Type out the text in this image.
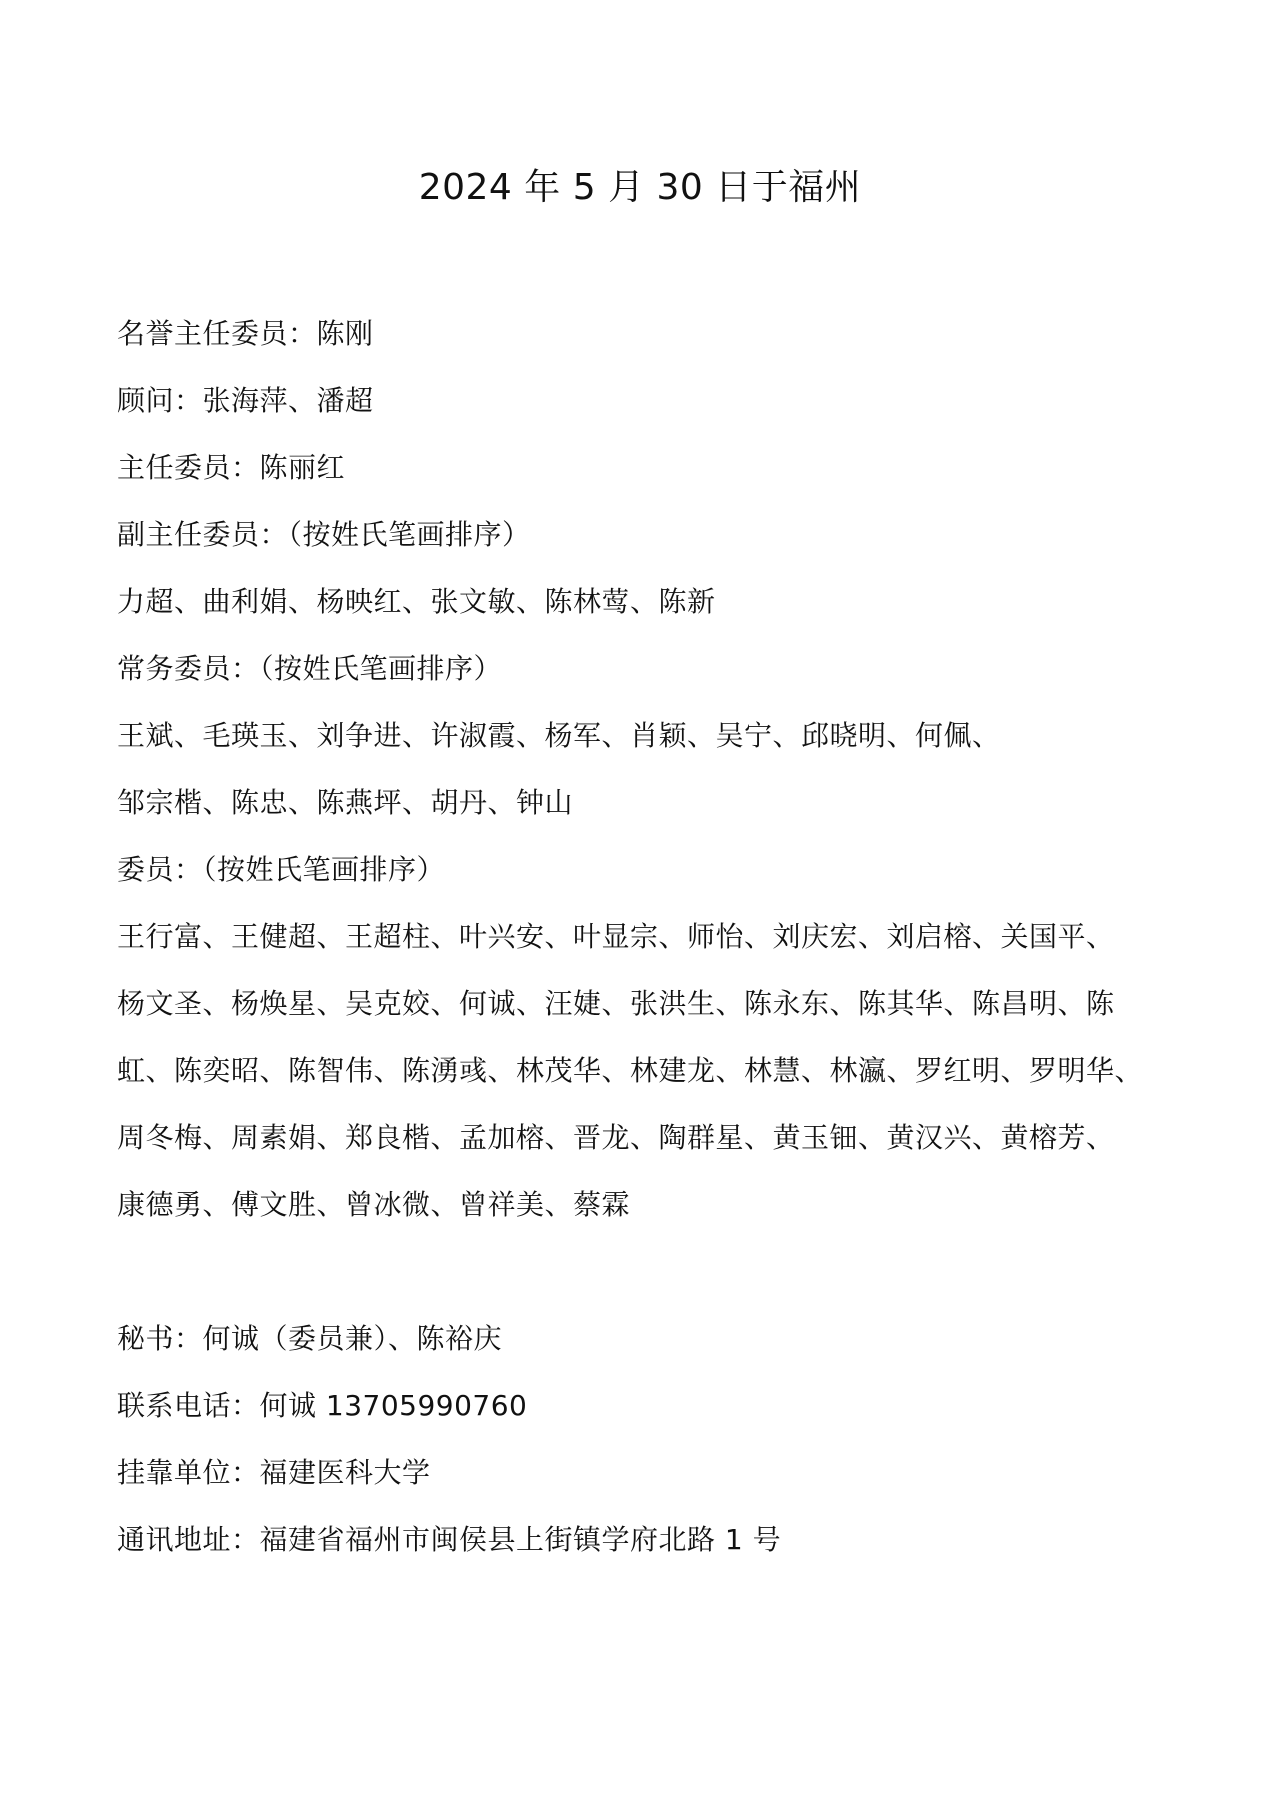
2024 年 5 月 30 日于福州
名誉主任委员：陈刚
顾问：张海萍、潘超
主任委员：陈丽红
副主任委员：（按姓氏笔画排序）
力超、曲利娟、杨映红、张文敏、陈林莺、陈新
常务委员：（按姓氏笔画排序）
王斌、毛瑛玉、刘争进、许淑霞、杨军、肖颖、吴宁、邱晓明、何佩、
邹宗楷、陈忠、陈燕坪、胡丹、钟山
委员：（按姓氏笔画排序）
王行富、王健超、王超柱、叶兴安、叶显宗、师怡、刘庆宏、刘启榕、关国平、
杨文圣、杨焕星、吴克姣、何诚、汪婕、张洪生、陈永东、陈其华、陈昌明、陈
虹、陈奕昭、陈智伟、陈湧彧、林茂华、林建龙、林慧、林瀛、罗红明、罗明华、
周冬梅、周素娟、郑良楷、孟加榕、晋龙、陶群星、黄玉钿、黄汉兴、黄榕芳、
康德勇、傅文胜、曾冰微、曾祥美、蔡霖
秘书：何诚（委员兼）、陈裕庆
联系电话：何诚 13705990760
挂靠单位：福建医科大学
通讯地址：福建省福州市闽侯县上街镇学府北路 1 号
